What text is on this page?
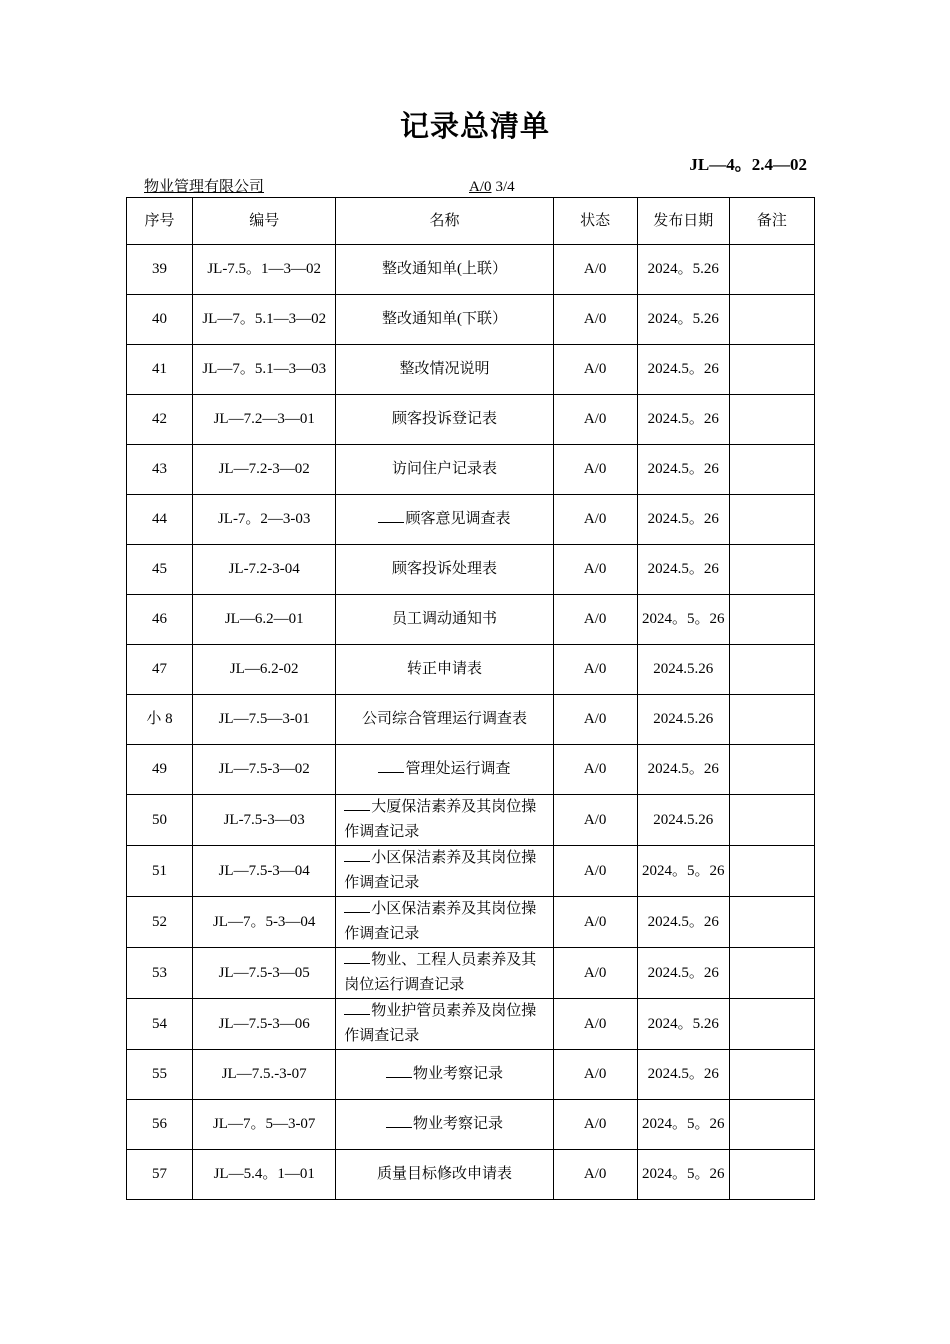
记录总清单
JL—4。2.4—02
物业管理有限公司	A/0 3/4
序号	编号	名称	状态	发布日期	备注
39	JL-7.5。1—3—02	整改通知单(上联）	A/0	2024。5.26	
40	JL—7。5.1—3—02	整改通知单(下联）	A/0	2024。5.26	
41	JL—7。5.1—3—03	整改情况说明	A/0	2024.5。26	
42	JL—7.2—3—01	顾客投诉登记表	A/0	2024.5。26	
43	JL—7.2-3—02	访问住户记录表	A/0	2024.5。26	
44	JL-7。2—3-03	顾客意见调查表	A/0	2024.5。26	
45	JL-7.2-3-04	顾客投诉处理表	A/0	2024.5。26	
46	JL—6.2—01	员工调动通知书	A/0	2024。5。26	
47	JL—6.2-02	转正申请表	A/0	2024.5.26	
小 8	JL—7.5—3-01	公司综合管理运行调查表	A/0	2024.5.26	
49	JL—7.5-3—02	管理处运行调查	A/0	2024.5。26	
50	JL-7.5-3—03	大厦保洁素养及其岗位操作调查记录	A/0	2024.5.26	
51	JL—7.5-3—04	小区保洁素养及其岗位操作调查记录	A/0	2024。5。26	
52	JL—7。5-3—04	小区保洁素养及其岗位操作调查记录	A/0	2024.5。26	
53	JL—7.5-3—05	物业、工程人员素养及其岗位运行调查记录	A/0	2024.5。26	
54	JL—7.5-3—06	物业护管员素养及岗位操作调查记录	A/0	2024。5.26	
55	JL—7.5.-3-07	物业考察记录	A/0	2024.5。26	
56	JL—7。5—3-07	物业考察记录	A/0	2024。5。26	
57	JL—5.4。1—01	质量目标修改申请表	A/0	2024。5。26	
